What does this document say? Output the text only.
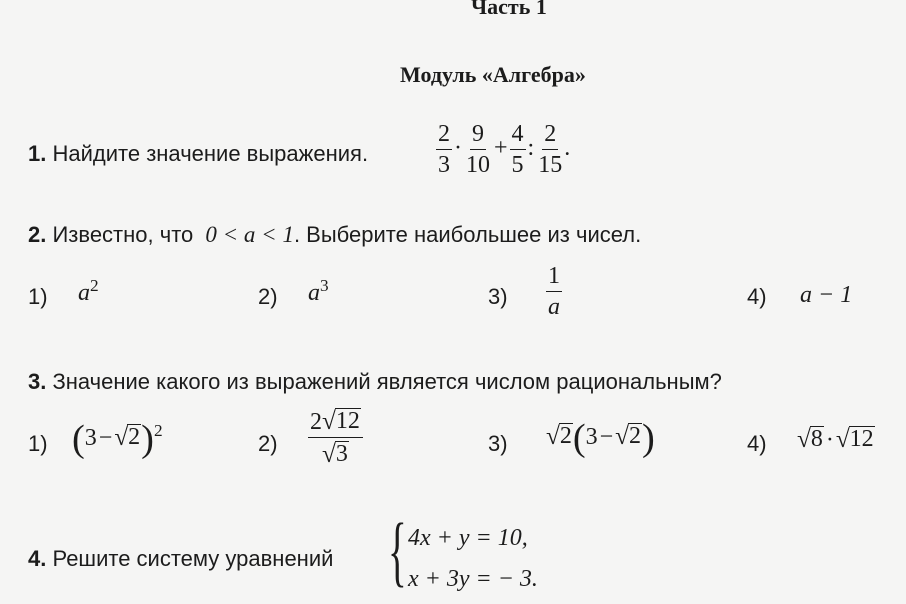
Часть 1
Модуль «Алгебра»
1. Найдите значение выражения.	$\frac{2}{3} \cdot \frac{9}{10} + \frac{4}{5}$ : $\frac{2}{15}$ .
2. Известно, что 0 < a < 1. Выберите наибольшее из чисел.
1) $a^2$	2) $a^3$	$3) \frac{1}{a}$	4) a − 1
3. Значение какого из выражений является числом рациональным?
1) (3− √ 2 )$^2$
$2) \frac{2 √ 12}{√ 3}$	3) √ 2 (3− √ 2 )	4) √ 8 · √ 12
4. Решите систему уравнений { 4x + y = 10,
x + 3y = − 3.
